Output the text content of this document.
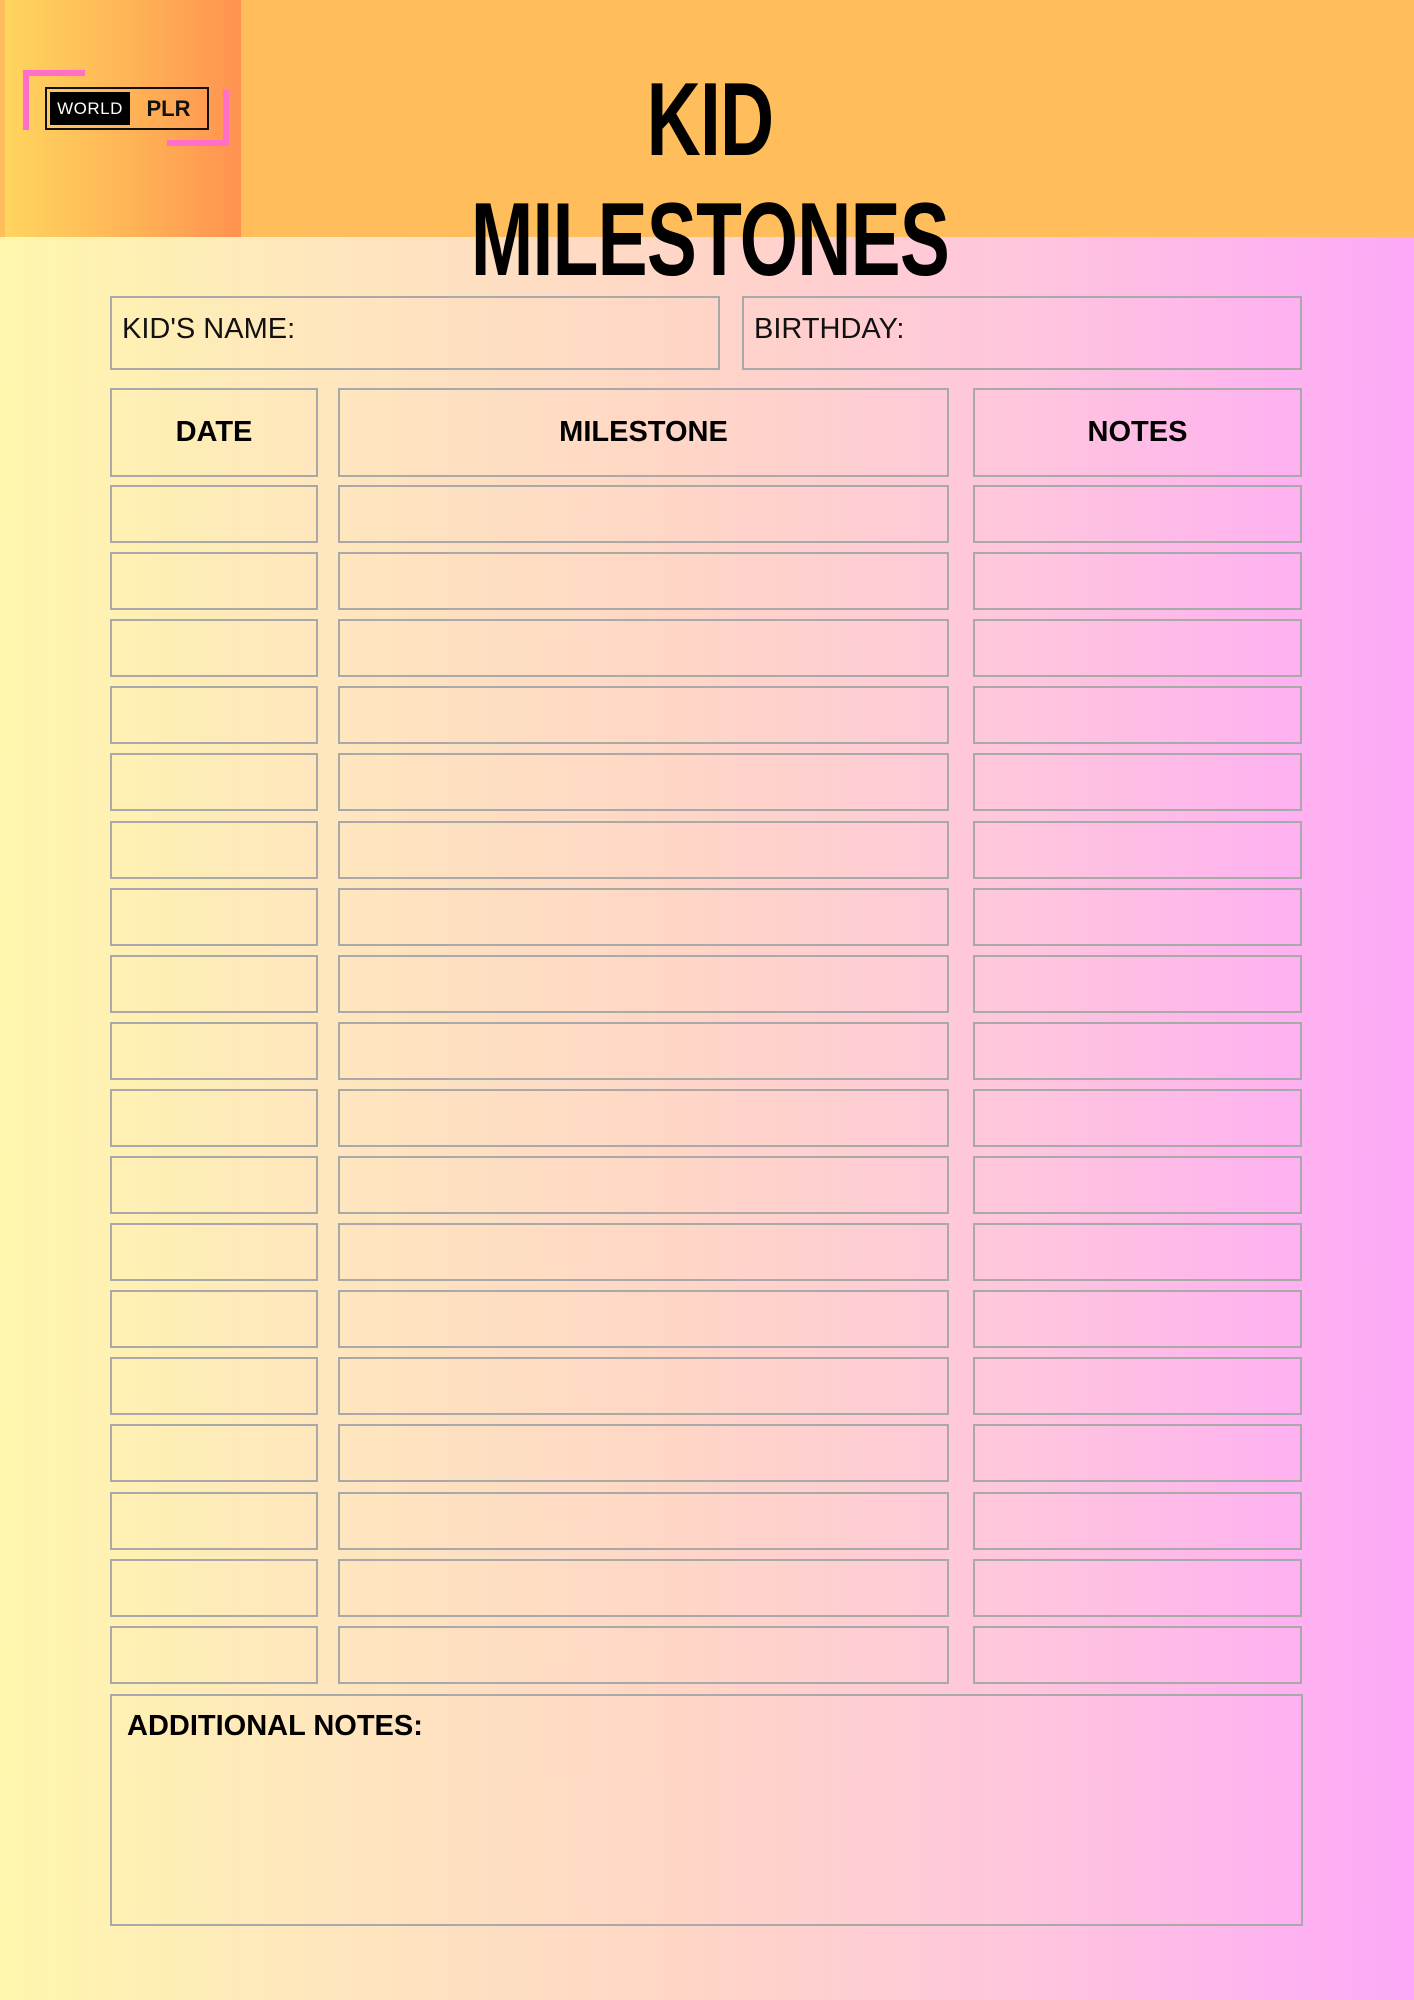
WORLD	PLR	KID MILESTONES
KID'S NAME:	BIRTHDAY:
DATE	MILESTONE	NOTES
ADDITIONAL NOTES:
